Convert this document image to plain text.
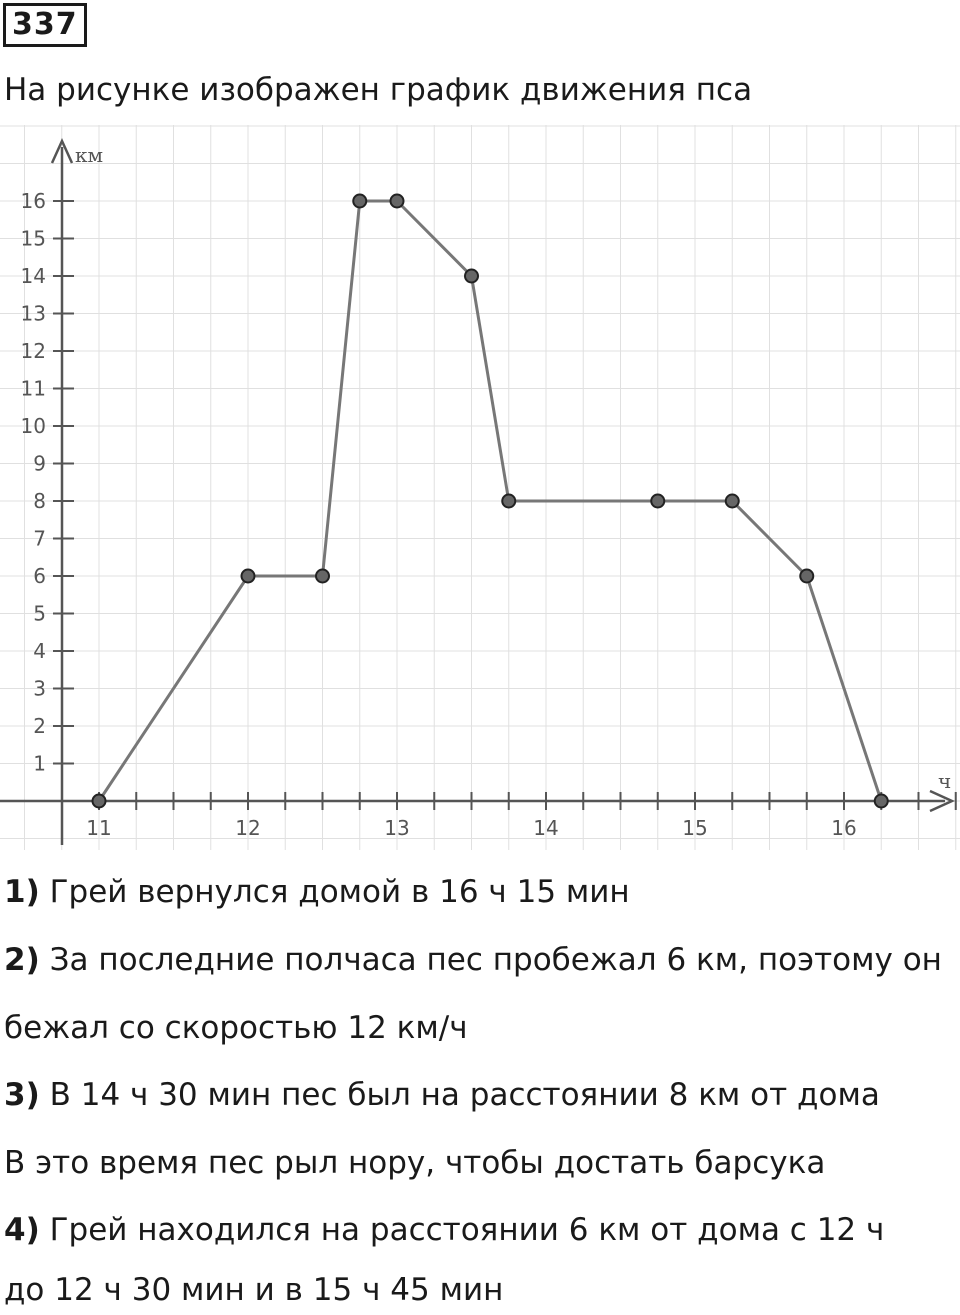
337
На рисунке изображен график движения пса
11	12	13	14	15	16
1
2
3
4
5
6
7
8
9
10
11
12
13
14
15
16
км
ч
1) Грей вернулся домой в 16 ч 15 мин
2) За последние полчаса пес пробежал 6 км, поэтому он
бежал со скоростью 12 км/ч
3) В 14 ч 30 мин пес был на расстоянии 8 км от дома
В это время пес рыл нору, чтобы достать барсука
4) Грей находился на расстоянии 6 км от дома с 12 ч
до 12 ч 30 мин и в 15 ч 45 мин
